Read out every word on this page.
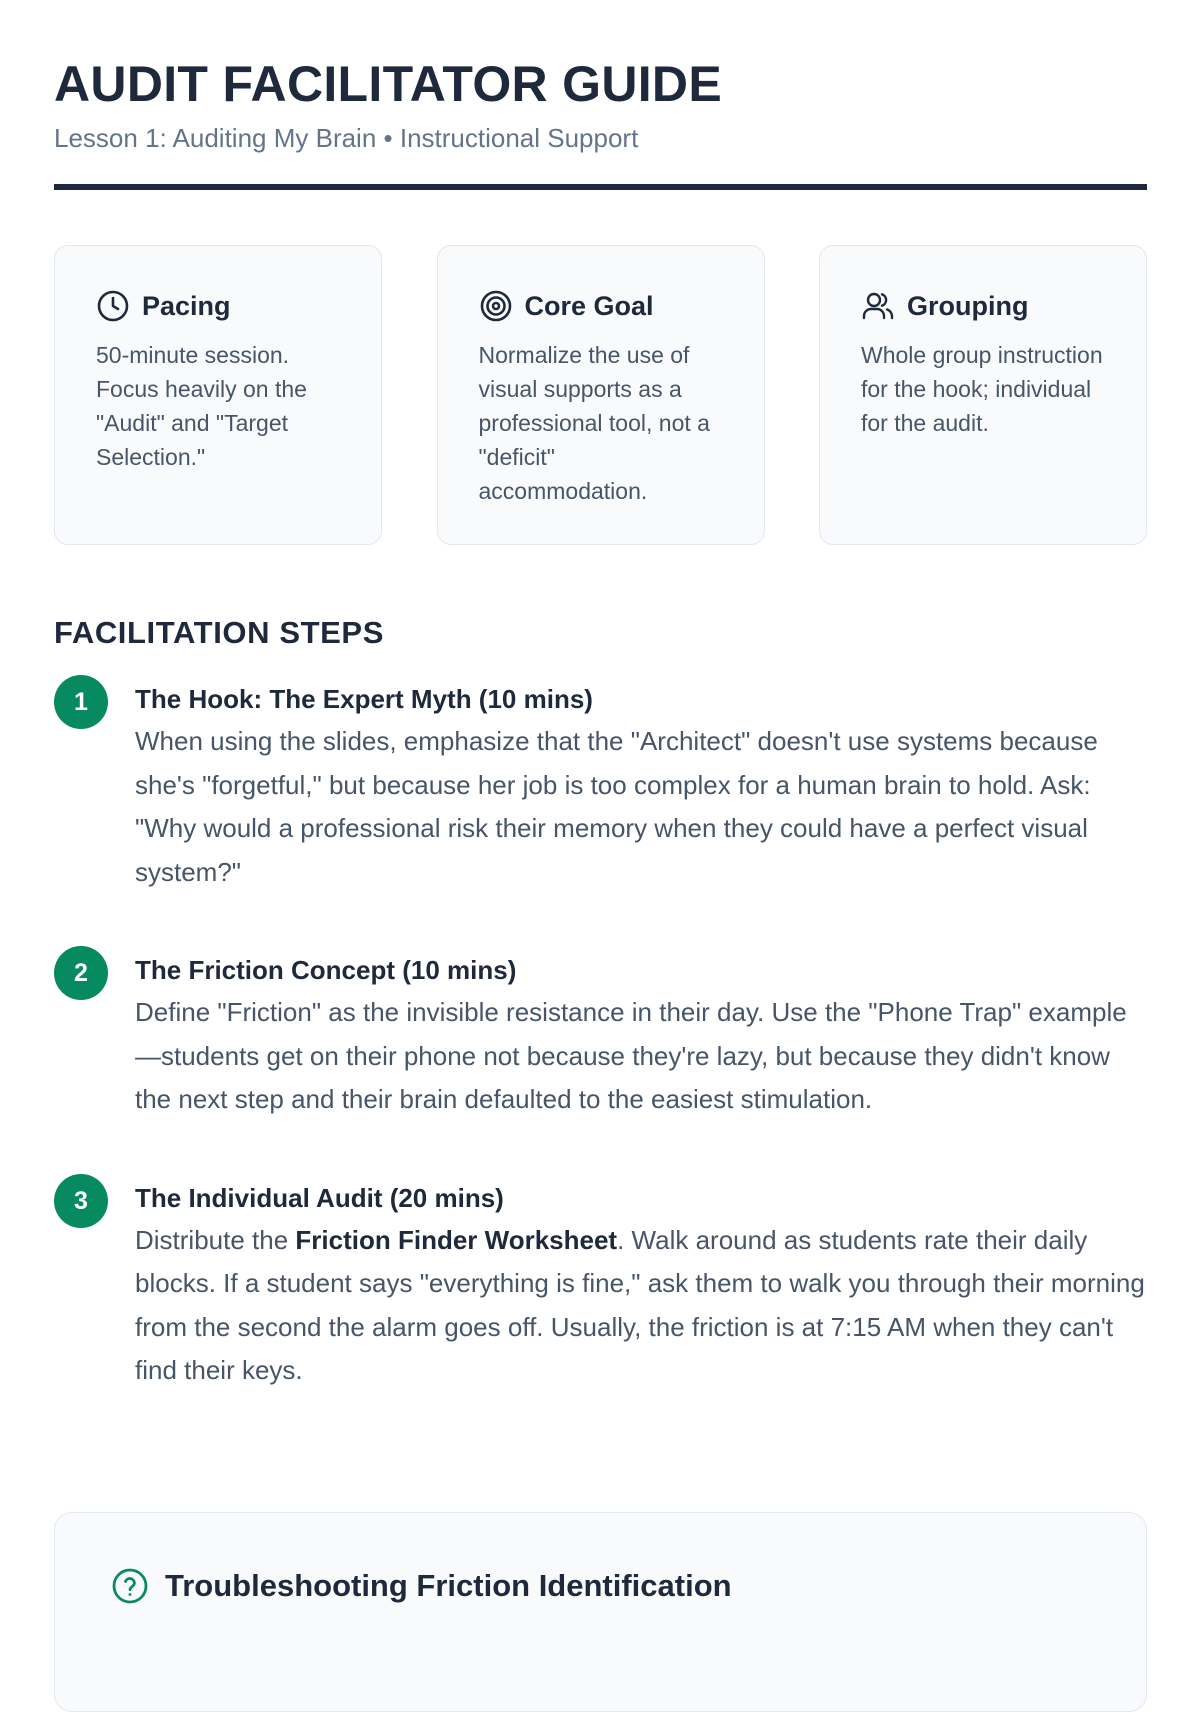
AUDIT FACILITATOR GUIDE
Lesson 1: Auditing My Brain • Instructional Support
Pacing
50-minute session. Focus heavily on the "Audit" and "Target Selection."
Core Goal
Normalize the use of visual supports as a professional tool, not a "deficit" accommodation.
Grouping
Whole group instruction for the hook; individual for the audit.
FACILITATION STEPS
1	The Hook: The Expert Myth (10 mins)
When using the slides, emphasize that the "Architect" doesn't use systems because she's "forgetful," but because her job is too complex for a human brain to hold. Ask: "Why would a professional risk their memory when they could have a perfect visual system?"
2	The Friction Concept (10 mins)
Define "Friction" as the invisible resistance in their day. Use the "Phone Trap" example—students get on their phone not because they're lazy, but because they didn't know the next step and their brain defaulted to the easiest stimulation.
3	The Individual Audit (20 mins)
Distribute the Friction Finder Worksheet. Walk around as students rate their daily blocks. If a student says "everything is fine," ask them to walk you through their morning from the second the alarm goes off. Usually, the friction is at 7:15 AM when they can't find their keys.
Troubleshooting Friction Identification
